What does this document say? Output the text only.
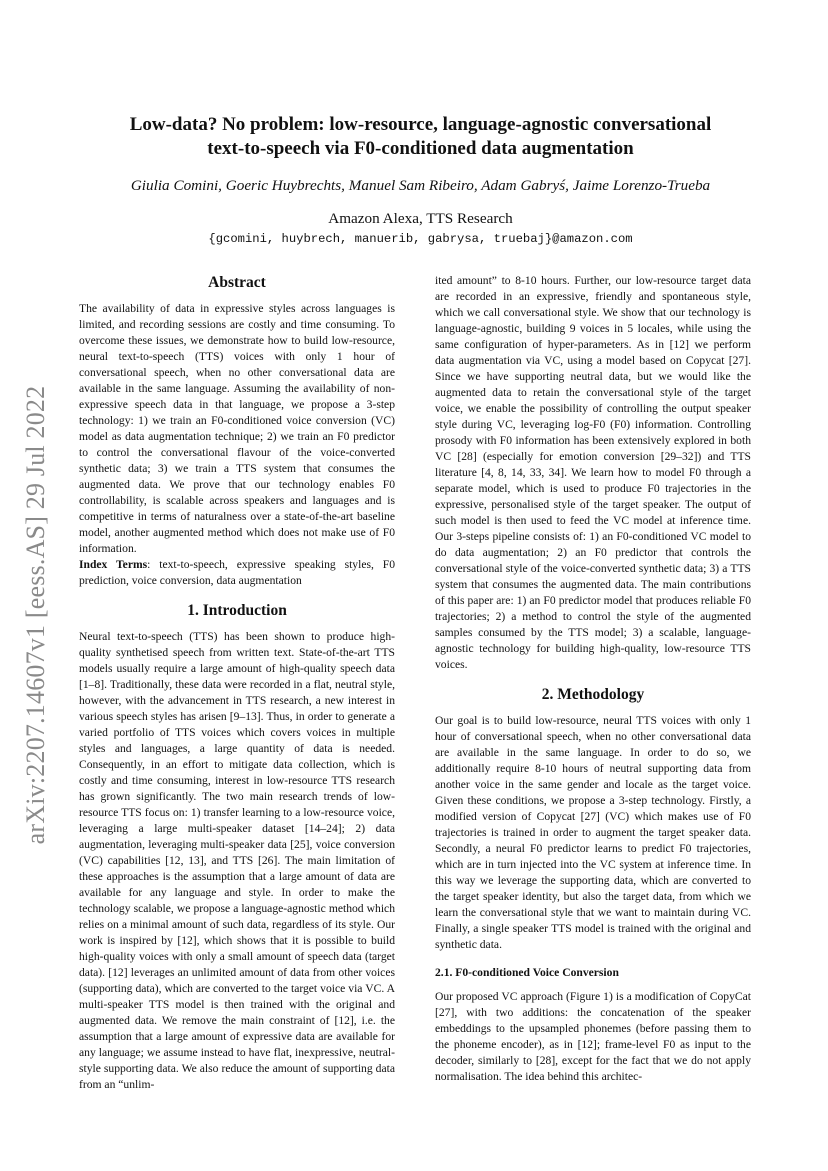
arXiv:2207.14607v1 [eess.AS] 29 Jul 2022
Low-data? No problem: low-resource, language-agnostic conversational
text-to-speech via F0-conditioned data augmentation

Giulia Comini, Goeric Huybrechts, Manuel Sam Ribeiro, Adam Gabryś, Jaime Lorenzo-Trueba

Amazon Alexa, TTS Research

{gcomini, huybrech, manuerib, gabrysa, truebaj}@amazon.com

Abstract

The availability of data in expressive styles across languages is limited, and recording sessions are costly and time consuming. To overcome these issues, we demonstrate how to build low-resource, neural text-to-speech (TTS) voices with only 1 hour of conversational speech, when no other conversational data are available in the same language. Assuming the availability of non-expressive speech data in that language, we propose a 3-step technology: 1) we train an F0-conditioned voice conversion (VC) model as data augmentation technique; 2) we train an F0 predictor to control the conversational flavour of the voice-converted synthetic data; 3) we train a TTS system that consumes the augmented data. We prove that our technology enables F0 controllability, is scalable across speakers and languages and is competitive in terms of naturalness over a state-of-the-art baseline model, another augmented method which does not make use of F0 information.

Index Terms: text-to-speech, expressive speaking styles, F0 prediction, voice conversion, data augmentation

1. Introduction

Neural text-to-speech (TTS) has been shown to produce high-quality synthetised speech from written text. State-of-the-art TTS models usually require a large amount of high-quality speech data [1–8]. Traditionally, these data were recorded in a flat, neutral style, however, with the advancement in TTS research, a new interest in various speech styles has arisen [9–13]. Thus, in order to generate a varied portfolio of TTS voices which covers voices in multiple styles and languages, a large quantity of data is needed. Consequently, in an effort to mitigate data collection, which is costly and time consuming, interest in low-resource TTS research has grown significantly. The two main research trends of low-resource TTS focus on: 1) transfer learning to a low-resource voice, leveraging a large multi-speaker dataset [14–24]; 2) data augmentation, leveraging multi-speaker data [25], voice conversion (VC) capabilities [12, 13], and TTS [26]. The main limitation of these approaches is the assumption that a large amount of data are available for any language and style. In order to make the technology scalable, we propose a language-agnostic method which relies on a minimal amount of such data, regardless of its style. Our work is inspired by [12], which shows that it is possible to build high-quality voices with only a small amount of speech data (target data). [12] leverages an unlimited amount of data from other voices (supporting data), which are converted to the target voice via VC. A multi-speaker TTS model is then trained with the original and augmented data. We remove the main constraint of [12], i.e. the assumption that a large amount of expressive data are available for any language; we assume instead to have flat, inexpressive, neutral-style supporting data. We also reduce the amount of supporting data from an “unlim-

ited amount” to 8-10 hours. Further, our low-resource target data are recorded in an expressive, friendly and spontaneous style, which we call conversational style. We show that our technology is language-agnostic, building 9 voices in 5 locales, while using the same configuration of hyper-parameters. As in [12] we perform data augmentation via VC, using a model based on Copycat [27]. Since we have supporting neutral data, but we would like the augmented data to retain the conversational style of the target voice, we enable the possibility of controlling the output speaker style during VC, leveraging log-F0 (F0) information. Controlling prosody with F0 information has been extensively explored in both VC [28] (especially for emotion conversion [29–32]) and TTS literature [4, 8, 14, 33, 34]. We learn how to model F0 through a separate model, which is used to produce F0 trajectories in the expressive, personalised style of the target speaker. The output of such model is then used to feed the VC model at inference time. Our 3-steps pipeline consists of: 1) an F0-conditioned VC model to do data augmentation; 2) an F0 predictor that controls the conversational style of the voice-converted synthetic data; 3) a TTS system that consumes the augmented data. The main contributions of this paper are: 1) an F0 predictor model that produces reliable F0 trajectories; 2) a method to control the style of the augmented samples consumed by the TTS model; 3) a scalable, language-agnostic technology for building high-quality, low-resource TTS voices.

2. Methodology

Our goal is to build low-resource, neural TTS voices with only 1 hour of conversational speech, when no other conversational data are available in the same language. In order to do so, we additionally require 8-10 hours of neutral supporting data from another voice in the same gender and locale as the target voice. Given these conditions, we propose a 3-step technology. Firstly, a modified version of Copycat [27] (VC) which makes use of F0 trajectories is trained in order to augment the target speaker data. Secondly, a neural F0 predictor learns to predict F0 trajectories, which are in turn injected into the VC system at inference time. In this way we leverage the supporting data, which are converted to the target speaker identity, but also the target data, from which we learn the conversational style that we want to maintain during VC. Finally, a single speaker TTS model is trained with the original and synthetic data.

2.1. F0-conditioned Voice Conversion

Our proposed VC approach (Figure 1) is a modification of CopyCat [27], with two additions: the concatenation of the speaker embeddings to the upsampled phonemes (before passing them to the phoneme encoder), as in [12]; frame-level F0 as input to the decoder, similarly to [28], except for the fact that we do not apply normalisation. The idea behind this architec-
